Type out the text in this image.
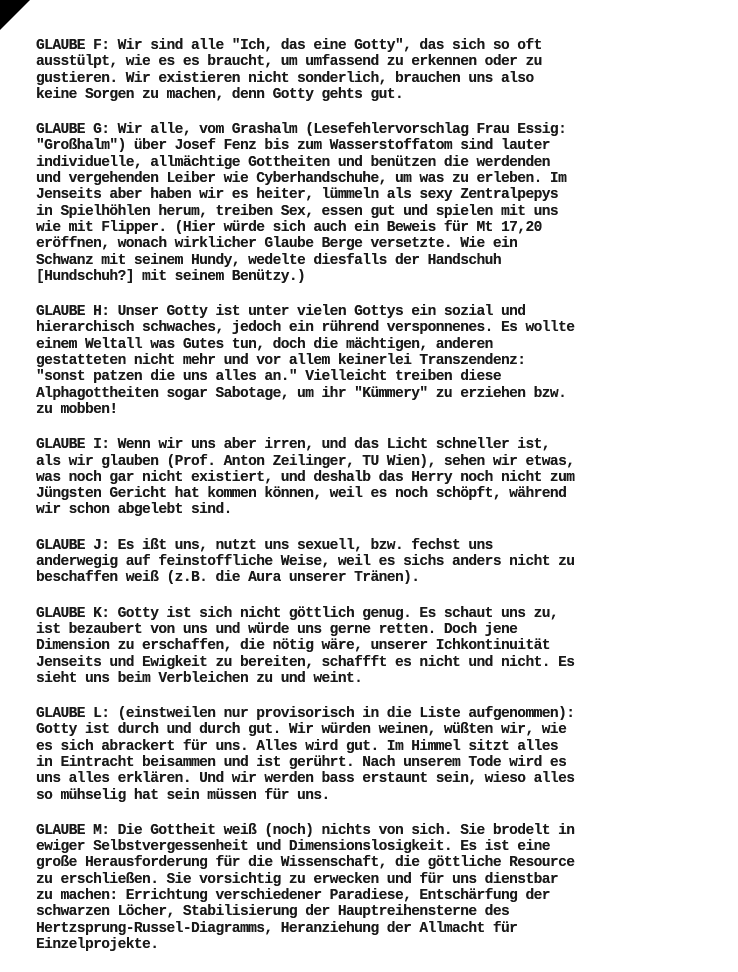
GLAUBE F: Wir sind alle "Ich, das eine Gotty", das sich so oft
ausstülpt, wie es es braucht, um umfassend zu erkennen oder zu
gustieren. Wir existieren nicht sonderlich, brauchen uns also
keine Sorgen zu machen, denn Gotty gehts gut.
GLAUBE G: Wir alle, vom Grashalm (Lesefehlervorschlag Frau Essig:
"Großhalm") über Josef Fenz bis zum Wasserstoffatom sind lauter
individuelle, allmächtige Gottheiten und benützen die werdenden
und vergehenden Leiber wie Cyberhandschuhe, um was zu erleben. Im
Jenseits aber haben wir es heiter, lümmeln als sexy Zentralpepys
in Spielhöhlen herum, treiben Sex, essen gut und spielen mit uns
wie mit Flipper. (Hier würde sich auch ein Beweis für Mt 17,20
eröffnen, wonach wirklicher Glaube Berge versetzte. Wie ein
Schwanz mit seinem Hundy, wedelte diesfalls der Handschuh
[Hundschuh?] mit seinem Benützy.)
GLAUBE H: Unser Gotty ist unter vielen Gottys ein sozial und
hierarchisch schwaches, jedoch ein rührend versponnenes. Es wollte
einem Weltall was Gutes tun, doch die mächtigen, anderen
gestatteten nicht mehr und vor allem keinerlei Transzendenz:
"sonst patzen die uns alles an." Vielleicht treiben diese
Alphagottheiten sogar Sabotage, um ihr "Kümmery" zu erziehen bzw.
zu mobben!
GLAUBE I: Wenn wir uns aber irren, und das Licht schneller ist,
als wir glauben (Prof. Anton Zeilinger, TU Wien), sehen wir etwas,
was noch gar nicht existiert, und deshalb das Herry noch nicht zum
Jüngsten Gericht hat kommen können, weil es noch schöpft, während
wir schon abgelebt sind.
GLAUBE J: Es ißt uns, nutzt uns sexuell, bzw. fechst uns
anderwegig auf feinstoffliche Weise, weil es sichs anders nicht zu
beschaffen weiß (z.B. die Aura unserer Tränen).
GLAUBE K: Gotty ist sich nicht göttlich genug. Es schaut uns zu,
ist bezaubert von uns und würde uns gerne retten. Doch jene
Dimension zu erschaffen, die nötig wäre, unserer Ichkontinuität
Jenseits und Ewigkeit zu bereiten, schaffft es nicht und nicht. Es
sieht uns beim Verbleichen zu und weint.
GLAUBE L: (einstweilen nur provisorisch in die Liste aufgenommen):
Gotty ist durch und durch gut. Wir würden weinen, wüßten wir, wie
es sich abrackert für uns. Alles wird gut. Im Himmel sitzt alles
in Eintracht beisammen und ist gerührt. Nach unserem Tode wird es
uns alles erklären. Und wir werden bass erstaunt sein, wieso alles
so mühselig hat sein müssen für uns.
GLAUBE M: Die Gottheit weiß (noch) nichts von sich. Sie brodelt in
ewiger Selbstvergessenheit und Dimensionslosigkeit. Es ist eine
große Herausforderung für die Wissenschaft, die göttliche Resource
zu erschließen. Sie vorsichtig zu erwecken und für uns dienstbar
zu machen: Errichtung verschiedener Paradiese, Entschärfung der
schwarzen Löcher, Stabilisierung der Hauptreihensterne des
Hertzsprung-Russel-Diagramms, Heranziehung der Allmacht für
Einzelprojekte.
